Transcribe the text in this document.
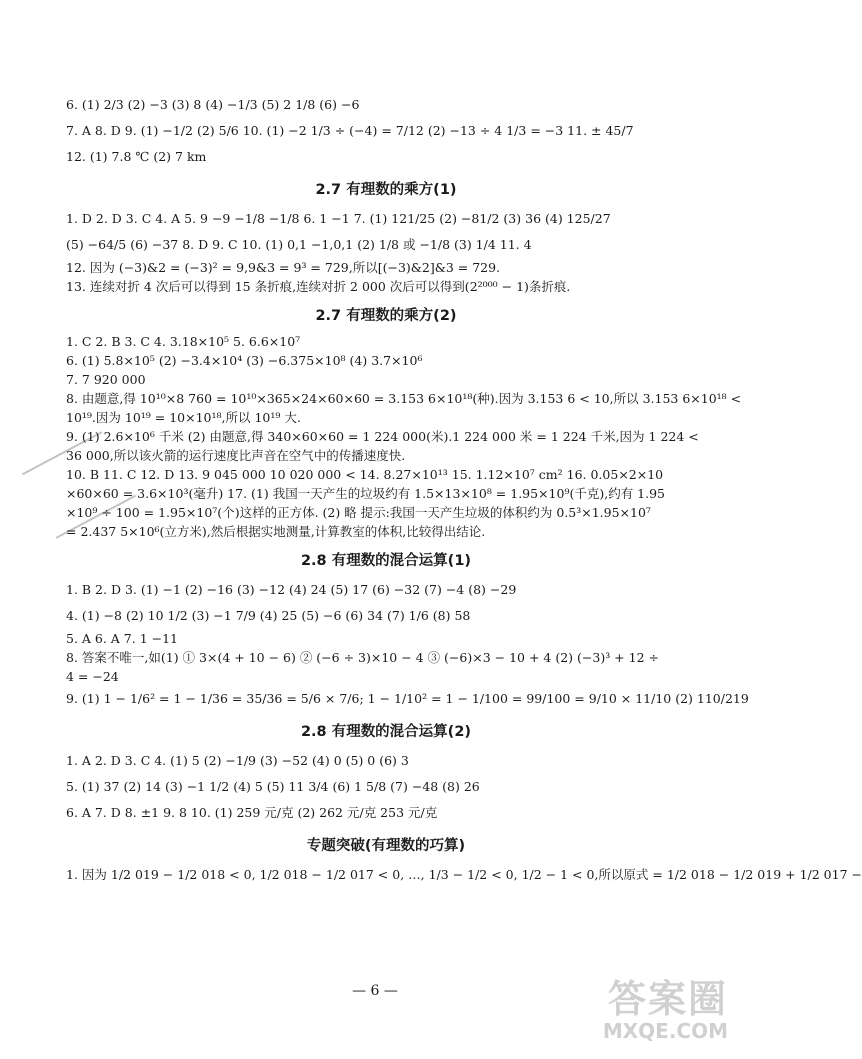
6. (1) 2/3 (2) −3 (3) 8 (4) −1/3 (5) 2 1/8 (6) −6
7. A 8. D 9. (1) −1/2 (2) 5/6 10. (1) −2 1/3 ÷ (−4) = 7/12 (2) −13 ÷ 4 1/3 = −3 11. ± 45/7
12. (1) 7.8 ℃ (2) 7 km
2.7 有理数的乘方(1)
1. D 2. D 3. C 4. A 5. 9 −9 −1/8 −1/8 6. 1 −1 7. (1) 121/25 (2) −81/2 (3) 36 (4) 125/27
(5) −64/5 (6) −37 8. D 9. C 10. (1) 0,1 −1,0,1 (2) 1/8 或 −1/8 (3) 1/4 11. 4
12. 因为 (−3)&2 = (−3)² = 9,9&3 = 9³ = 729,所以[(−3)&2]&3 = 729.
13. 连续对折 4 次后可以得到 15 条折痕,连续对折 2 000 次后可以得到(2²⁰⁰⁰ − 1)条折痕.
2.7 有理数的乘方(2)
1. C 2. B 3. C 4. 3.18×10⁵ 5. 6.6×10⁷
6. (1) 5.8×10⁵ (2) −3.4×10⁴ (3) −6.375×10⁸ (4) 3.7×10⁶
7. 7 920 000
8. 由题意,得 10¹⁰×8 760 = 10¹⁰×365×24×60×60 = 3.153 6×10¹⁸(种).因为 3.153 6 < 10,所以 3.153 6×10¹⁸ <
10¹⁹.因为 10¹⁹ = 10×10¹⁸,所以 10¹⁹ 大.
9. (1) 2.6×10⁶ 千米 (2) 由题意,得 340×60×60 = 1 224 000(米).1 224 000 米 = 1 224 千米,因为 1 224 <
36 000,所以该火箭的运行速度比声音在空气中的传播速度快.
10. B 11. C 12. D 13. 9 045 000 10 020 000 < 14. 8.27×10¹³ 15. 1.12×10⁷ cm² 16. 0.05×2×10
×60×60 = 3.6×10³(毫升) 17. (1) 我国一天产生的垃圾约有 1.5×13×10⁸ = 1.95×10⁹(千克),约有 1.95
×10⁹ ÷ 100 = 1.95×10⁷(个)这样的正方体. (2) 略 提示:我国一天产生垃圾的体积约为 0.5³×1.95×10⁷
= 2.437 5×10⁶(立方米),然后根据实地测量,计算教室的体积,比较得出结论.
2.8 有理数的混合运算(1)
1. B 2. D 3. (1) −1 (2) −16 (3) −12 (4) 24 (5) 17 (6) −32 (7) −4 (8) −29
4. (1) −8 (2) 10 1/2 (3) −1 7/9 (4) 25 (5) −6 (6) 34 (7) 1/6 (8) 58
5. A 6. A 7. 1 −11
8. 答案不唯一,如(1) ① 3×(4 + 10 − 6) ② (−6 ÷ 3)×10 − 4 ③ (−6)×3 − 10 + 4 (2) (−3)³ + 12 ÷
4 = −24
9. (1) 1 − 1/6² = 1 − 1/36 = 35/36 = 5/6 × 7/6; 1 − 1/10² = 1 − 1/100 = 99/100 = 9/10 × 11/10 (2) 110/219
2.8 有理数的混合运算(2)
1. A 2. D 3. C 4. (1) 5 (2) −1/9 (3) −52 (4) 0 (5) 0 (6) 3
5. (1) 37 (2) 14 (3) −1 1/2 (4) 5 (5) 11 3/4 (6) 1 5/8 (7) −48 (8) 26
6. A 7. D 8. ±1 9. 8 10. (1) 259 元/克 (2) 262 元/克 253 元/克
专题突破(有理数的巧算)
1. 因为 1/2 019 − 1/2 018 < 0, 1/2 018 − 1/2 017 < 0, …, 1/3 − 1/2 < 0, 1/2 − 1 < 0,所以原式 = 1/2 018 − 1/2 019 + 1/2 017 −
— 6 —	答案圈
MXQE.COM
